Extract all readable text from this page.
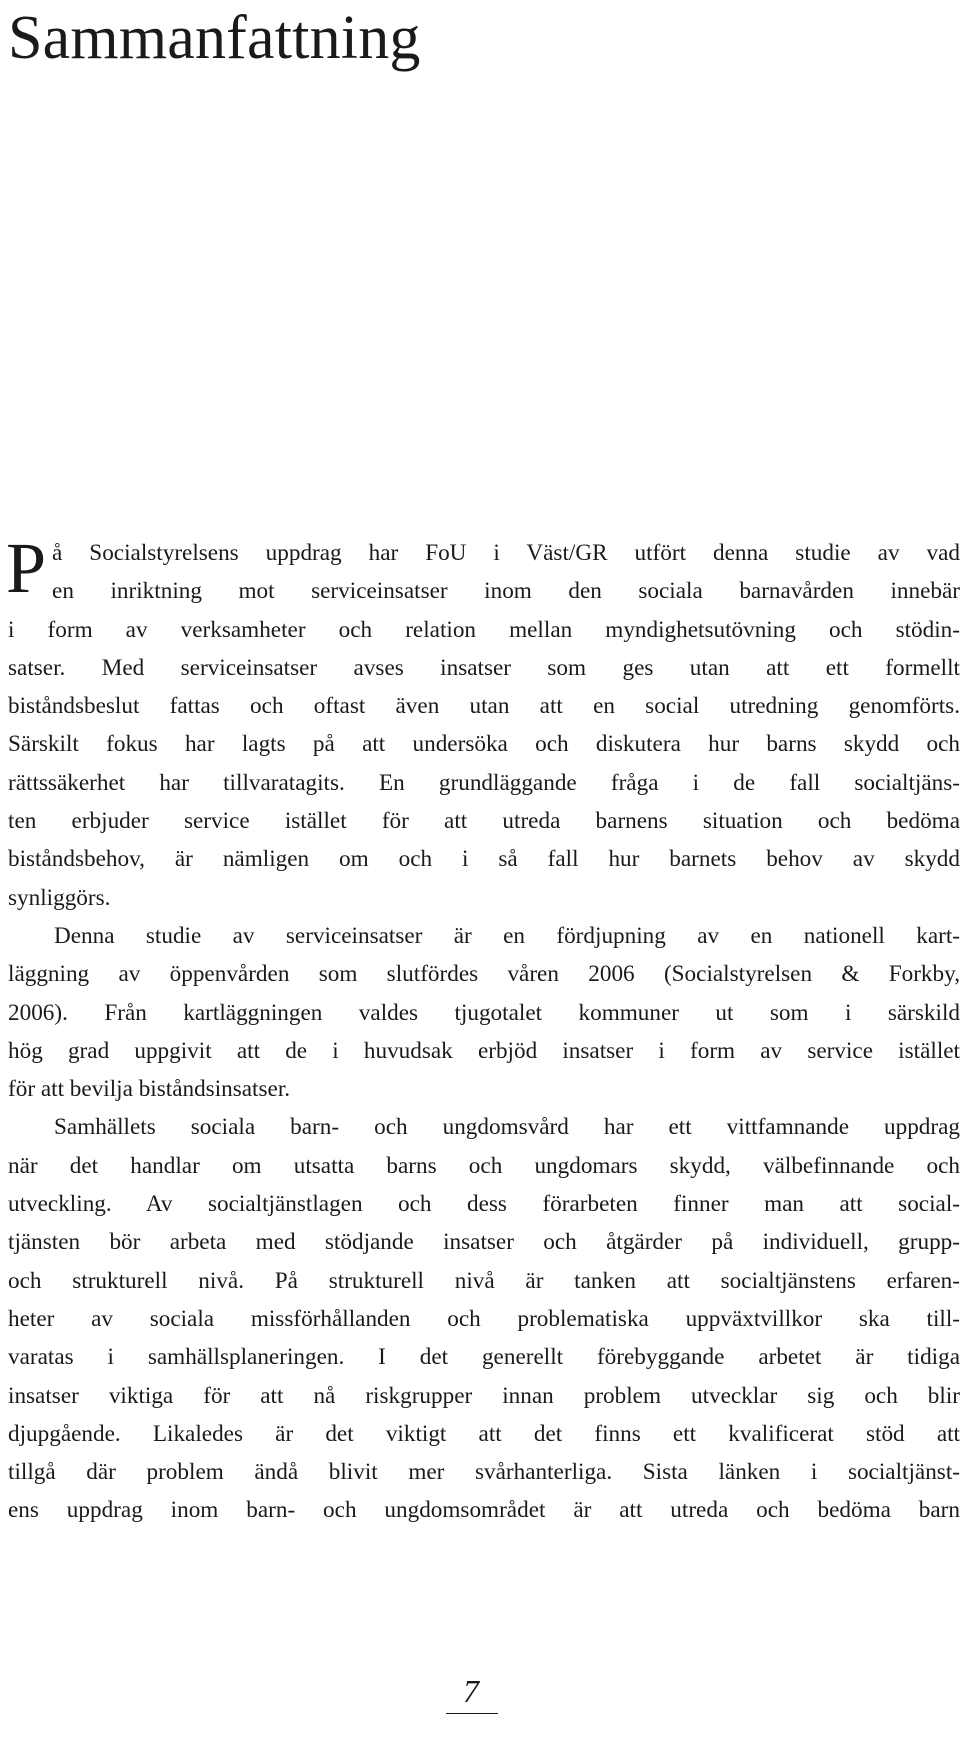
Sammanfattning
P å Socialstyrelsens uppdrag har FoU i Väst/GR utfört denna studie av vad
en inriktning mot serviceinsatser inom den sociala barnavården innebär
i form av verksamheter och relation mellan myndighetsutövning och stödin-
satser. Med serviceinsatser avses insatser som ges utan att ett formellt
biståndsbeslut fattas och oftast även utan att en social utredning genomförts.
Särskilt fokus har lagts på att undersöka och diskutera hur barns skydd och
rättssäkerhet har tillvaratagits. En grundläggande fråga i de fall socialtjäns-
ten erbjuder service istället för att utreda barnens situation och bedöma
biståndsbehov, är nämligen om och i så fall hur barnets behov av skydd
synliggörs.
Denna studie av serviceinsatser är en fördjupning av en nationell kart-
läggning av öppenvården som slutfördes våren 2006 (Socialstyrelsen & Forkby,
2006). Från kartläggningen valdes tjugotalet kommuner ut som i särskild
hög grad uppgivit att de i huvudsak erbjöd insatser i form av service istället
för att bevilja biståndsinsatser.
Samhällets sociala barn- och ungdomsvård har ett vittfamnande uppdrag
när det handlar om utsatta barns och ungdomars skydd, välbefinnande och
utveckling. Av socialtjänstlagen och dess förarbeten finner man att social-
tjänsten bör arbeta med stödjande insatser och åtgärder på individuell, grupp-
och strukturell nivå. På strukturell nivå är tanken att socialtjänstens erfaren-
heter av sociala missförhållanden och problematiska uppväxtvillkor ska till-
varatas i samhällsplaneringen. I det generellt förebyggande arbetet är tidiga
insatser viktiga för att nå riskgrupper innan problem utvecklar sig och blir
djupgående. Likaledes är det viktigt att det finns ett kvalificerat stöd att
tillgå där problem ändå blivit mer svårhanterliga. Sista länken i socialtjänst-
ens uppdrag inom barn- och ungdomsområdet är att utreda och bedöma barn
7
